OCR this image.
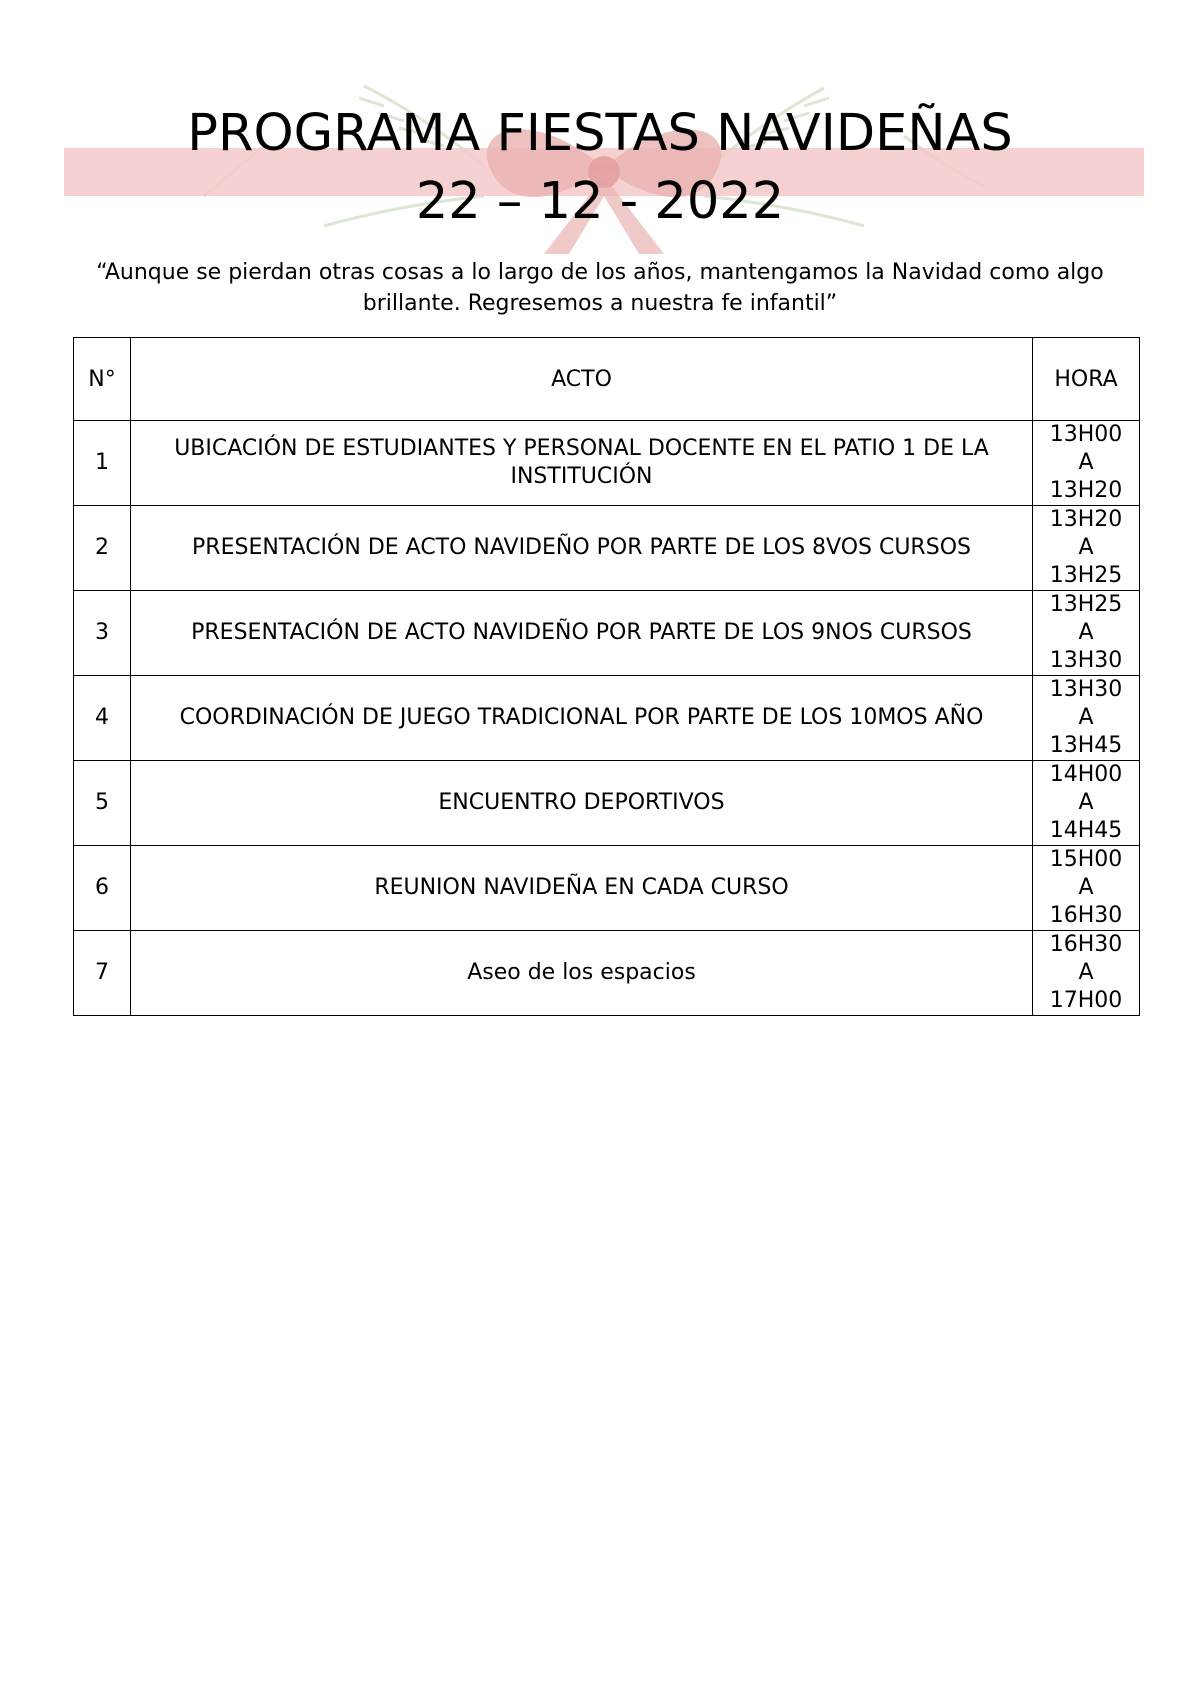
PROGRAMA FIESTAS NAVIDEÑAS
22 – 12 - 2022
“Aunque se pierdan otras cosas a lo largo de los años, mantengamos la Navidad como algo brillante. Regresemos a nuestra fe infantil”
N°	ACTO	HORA
1	UBICACIÓN DE ESTUDIANTES Y PERSONAL DOCENTE EN EL PATIO 1 DE LA INSTITUCIÓN	13H00
A
13H20

2	PRESENTACIÓN DE ACTO NAVIDEÑO POR PARTE DE LOS 8VOS CURSOS	13H20
A
13H25

3	PRESENTACIÓN DE ACTO NAVIDEÑO POR PARTE DE LOS 9NOS CURSOS	13H25
A
13H30

4	COORDINACIÓN DE JUEGO TRADICIONAL POR PARTE DE LOS 10MOS AÑO	13H30
A
13H45

5	ENCUENTRO DEPORTIVOS	14H00
A
14H45

6	REUNION NAVIDEÑA EN CADA CURSO	15H00
A
16H30

7	Aseo de los espacios	16H30
A
17H00
